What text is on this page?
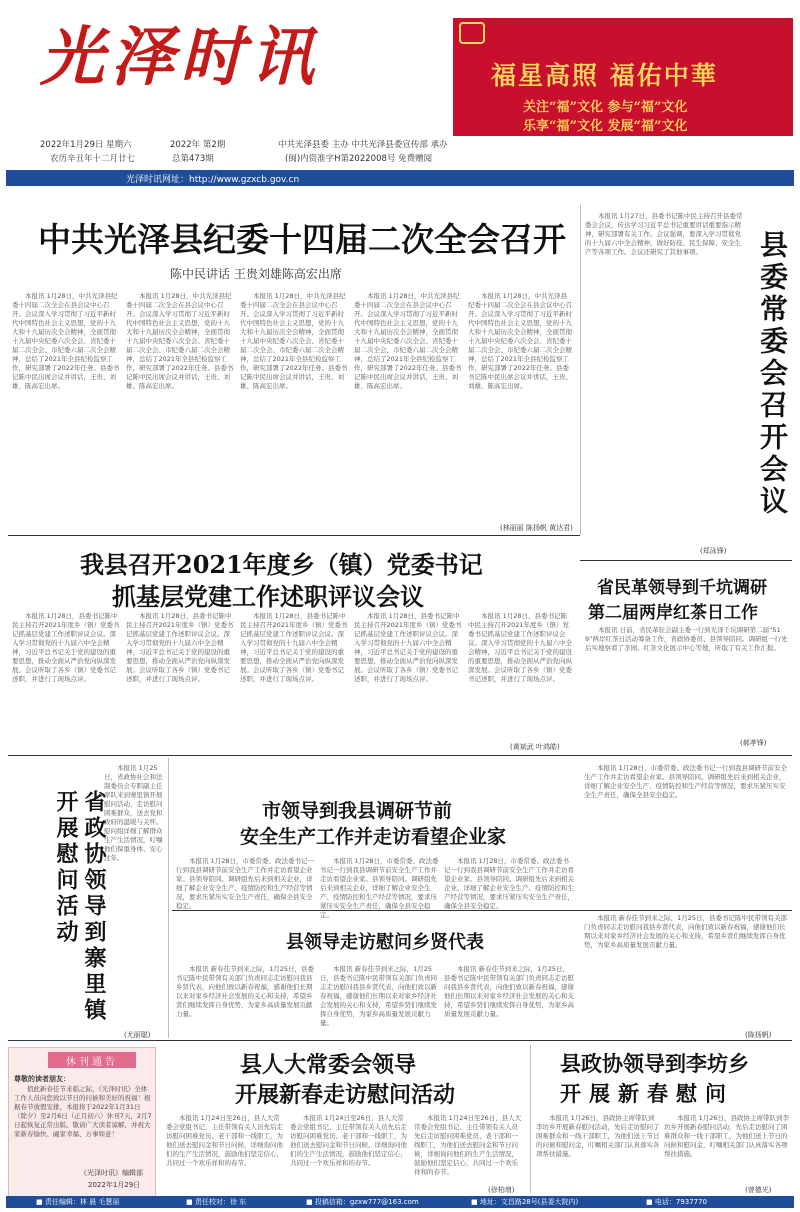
光泽时讯	福星高照 福佑中華
关注“福”文化 参与“福”文化
乐享“福”文化 发展“福”文化
2022年1月29日 星期六
农历辛丑年十二月廿七
2022年 第2期
总第473期
中共光泽县委 主办 中共光泽县委宣传部 承办
(闽)内资准字H第2022008号 免费赠阅
光泽时讯网址：http://www.gzxcb.gov.cn
中共光泽县纪委十四届二次全会召开
陈中民讲话 王贵刘雄陈高宏出席
本报讯 1月28日，中共光泽县纪委十四届二次全会在县会议中心召开。会议深入学习贯彻了习近平新时代中国特色社会主义思想，党的十九大和十九届历次全会精神，全面贯彻十九届中央纪委六次全会、省纪委十届二次全会、市纪委六届二次全会精神，总结了2021年全县纪检监察工作，研究部署了2022年任务。县委书记陈中民出席会议并讲话，王贵、刘雄、陈高宏出席。
本报讯 1月28日，中共光泽县纪委十四届二次全会在县会议中心召开。会议深入学习贯彻了习近平新时代中国特色社会主义思想，党的十九大和十九届历次全会精神，全面贯彻十九届中央纪委六次全会、省纪委十届二次全会、市纪委六届二次全会精神，总结了2021年全县纪检监察工作，研究部署了2022年任务。县委书记陈中民出席会议并讲话，王贵、刘雄、陈高宏出席。
本报讯 1月28日，中共光泽县纪委十四届二次全会在县会议中心召开。会议深入学习贯彻了习近平新时代中国特色社会主义思想，党的十九大和十九届历次全会精神，全面贯彻十九届中央纪委六次全会、省纪委十届二次全会、市纪委六届二次全会精神，总结了2021年全县纪检监察工作，研究部署了2022年任务。县委书记陈中民出席会议并讲话，王贵、刘雄、陈高宏出席。
本报讯 1月28日，中共光泽县纪委十四届二次全会在县会议中心召开。会议深入学习贯彻了习近平新时代中国特色社会主义思想，党的十九大和十九届历次全会精神，全面贯彻十九届中央纪委六次全会、省纪委十届二次全会、市纪委六届二次全会精神，总结了2021年全县纪检监察工作，研究部署了2022年任务。县委书记陈中民出席会议并讲话，王贵、刘雄、陈高宏出席。
本报讯 1月28日，中共光泽县纪委十四届二次全会在县会议中心召开。会议深入学习贯彻了习近平新时代中国特色社会主义思想，党的十九大和十九届历次全会精神，全面贯彻十九届中央纪委六次全会、省纪委十届二次全会、市纪委六届二次全会精神，总结了2021年全县纪检监察工作，研究部署了2022年任务。县委书记陈中民出席会议并讲话，王贵、刘雄、陈高宏出席。
(林丽丽 陈扬帆 黄达君)
本报讯 1月27日，县委书记陈中民主持召开县委常委会会议，传达学习习近平总书记重要讲话重要指示精神，研究部署有关工作。会议强调，要深入学习贯彻党的十九届六中全会精神，做好防疫、民生保障、安全生产等各项工作。会议还研究了其他事项。
(郑泳锋)
县委常委会召开会议
我县召开2021年度乡（镇）党委书记
抓基层党建工作述职评议会议
本报讯 1月28日，县委书记陈中民主持召开2021年度乡（镇）党委书记抓基层党建工作述职评议会议。深入学习贯彻党的十九届六中全会精神，习近平总书记关于党的建设的重要思想，推动全面从严治党向纵深发展。会议听取了各乡（镇）党委书记述职，并进行了现场点评。
本报讯 1月28日，县委书记陈中民主持召开2021年度乡（镇）党委书记抓基层党建工作述职评议会议。深入学习贯彻党的十九届六中全会精神，习近平总书记关于党的建设的重要思想，推动全面从严治党向纵深发展。会议听取了各乡（镇）党委书记述职，并进行了现场点评。
本报讯 1月28日，县委书记陈中民主持召开2021年度乡（镇）党委书记抓基层党建工作述职评议会议。深入学习贯彻党的十九届六中全会精神，习近平总书记关于党的建设的重要思想，推动全面从严治党向纵深发展。会议听取了各乡（镇）党委书记述职，并进行了现场点评。
本报讯 1月28日，县委书记陈中民主持召开2021年度乡（镇）党委书记抓基层党建工作述职评议会议。深入学习贯彻党的十九届六中全会精神，习近平总书记关于党的建设的重要思想，推动全面从严治党向纵深发展。会议听取了各乡（镇）党委书记述职，并进行了现场点评。
本报讯 1月28日，县委书记陈中民主持召开2021年度乡（镇）党委书记抓基层党建工作述职评议会议。深入学习贯彻党的十九届六中全会精神，习近平总书记关于党的建设的重要思想，推动全面从严治党向纵深发展。会议听取了各乡（镇）党委书记述职，并进行了现场点评。
(黄斌武 叶鸿皓)
省民革领导到千坑调研
第二届两岸红茶日工作
本报讯 日前，省民革驻会副主委一行到光泽千坑调研第二届“519”两岸红茶日活动筹备工作，省政协委员、县领导陪同。调研组一行先后实地察看了茶园、红茶文化展示中心等地，听取了有关工作汇报。
(郝孝锋)
省政协领导到寨里镇开展慰问活动
本报讯 1月25日，省政协社会和法制委员会专职副主任率队来到寨里镇开展慰问活动，走访慰问困难群众，送去党和政府的温暖与关怀。慰问组详细了解群众生产生活情况，叮嘱他们保重身体、安心过年。
(尤丽聪)
市领导到我县调研节前
安全生产工作并走访看望企业家
本报讯 1月28日，市委常委、政法委书记一行到我县调研节前安全生产工作并走访看望企业家。县领导陪同。调研组先后来到相关企业，详细了解企业安全生产、疫情防控和生产经营等情况，要求压紧压实安全生产责任，确保全县安全稳定。
本报讯 1月28日，市委常委、政法委书记一行到我县调研节前安全生产工作并走访看望企业家。县领导陪同。调研组先后来到相关企业，详细了解企业安全生产、疫情防控和生产经营等情况，要求压紧压实安全生产责任，确保全县安全稳定。
本报讯 1月28日，市委常委、政法委书记一行到我县调研节前安全生产工作并走访看望企业家。县领导陪同。调研组先后来到相关企业，详细了解企业安全生产、疫情防控和生产经营等情况，要求压紧压实安全生产责任，确保全县安全稳定。
本报讯 1月28日，市委常委、政法委书记一行到我县调研节前安全生产工作并走访看望企业家。县领导陪同。调研组先后来到相关企业，详细了解企业安全生产、疫情防控和生产经营等情况，要求压紧压实安全生产责任，确保全县安全稳定。
县领导走访慰问乡贤代表
本报讯 新春佳节到来之际，1月25日，县委书记陈中民带领有关部门负责同志走访慰问我县乡贤代表，向他们致以新春祝福，感谢他们长期以来对家乡经济社会发展的关心和支持，希望乡贤们继续发挥自身优势，为家乡高质量发展贡献力量。
本报讯 新春佳节到来之际，1月25日，县委书记陈中民带领有关部门负责同志走访慰问我县乡贤代表，向他们致以新春祝福，感谢他们长期以来对家乡经济社会发展的关心和支持，希望乡贤们继续发挥自身优势，为家乡高质量发展贡献力量。
本报讯 新春佳节到来之际，1月25日，县委书记陈中民带领有关部门负责同志走访慰问我县乡贤代表，向他们致以新春祝福，感谢他们长期以来对家乡经济社会发展的关心和支持，希望乡贤们继续发挥自身优势，为家乡高质量发展贡献力量。
本报讯 新春佳节到来之际，1月25日，县委书记陈中民带领有关部门负责同志走访慰问我县乡贤代表，向他们致以新春祝福，感谢他们长期以来对家乡经济社会发展的关心和支持，希望乡贤们继续发挥自身优势，为家乡高质量发展贡献力量。
(陈扬帆)
休刊通告
尊敬的读者朋友：
值此新春佳节来临之际，《光泽时讯》全体工作人员向您致以节日的问候和美好的祝福！根据春节放假安排，本报将于2022年1月31日（除夕）至2月6日（正月初六）休刊7天，2月7日起恢复正常出版。敬请广大读者谅解，并祝大家新春愉快、阖家幸福、万事如意！
《光泽时讯》编辑部
2022年1月29日
县人大常委会领导
开展新春走访慰问活动
本报讯 1月24日至26日，县人大常委会党组书记、主任带领有关人员先后走访慰问困难党员、老干部和一线职工，为他们送去慰问金和节日问候，详细询问他们的生产生活情况，鼓励他们坚定信心，共同过一个欢乐祥和的春节。
本报讯 1月24日至26日，县人大常委会党组书记、主任带领有关人员先后走访慰问困难党员、老干部和一线职工，为他们送去慰问金和节日问候，详细询问他们的生产生活情况，鼓励他们坚定信心，共同过一个欢乐祥和的春节。
本报讯 1月24日至26日，县人大常委会党组书记、主任带领有关人员先后走访慰问困难党员、老干部和一线职工，为他们送去慰问金和节日问候，详细询问他们的生产生活情况，鼓励他们坚定信心，共同过一个欢乐祥和的春节。
(徐柏增)
县政协领导到李坊乡
开展新春慰问
本报讯 1月26日，县政协主席带队到李坊乡开展新春慰问活动，先后走访慰问了困难群众和一线干部职工，为他们送上节日的问候和慰问金，叮嘱相关部门认真落实各项帮扶措施。
本报讯 1月26日，县政协主席带队到李坊乡开展新春慰问活动，先后走访慰问了困难群众和一线干部职工，为他们送上节日的问候和慰问金，叮嘱相关部门认真落实各项帮扶措施。
(曾德光)
■ 责任编辑：林 晨 毛慧丽	■ 责任校对：徐 东	■ 投稿信箱：gzxw777@163.com	■ 地址：文昌路28号(县委大院内)	■ 电话：7937770
